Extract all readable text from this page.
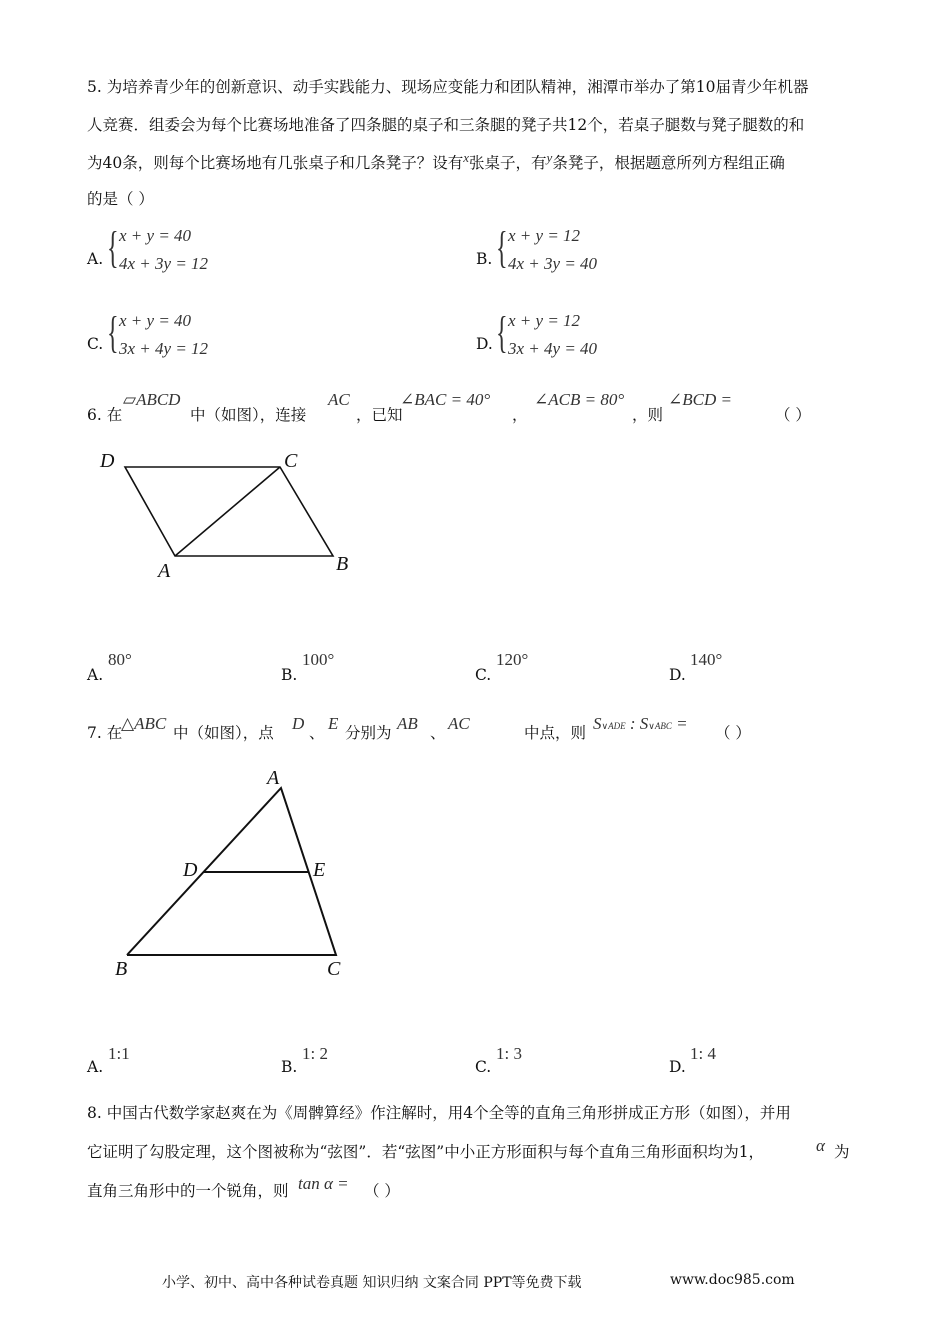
5. 为培养青少年的创新意识、动手实践能力、现场应变能力和团队精神，湘潭市举办了第10届青少年机器
人竞赛．组委会为每个比赛场地准备了四条腿的桌子和三条腿的凳子共12个，若桌子腿数与凳子腿数的和
为40条，则每个比赛场地有几张桌子和几条凳子？设有$^x$张桌子，有$^y$条凳子，根据题意所列方程组正确
的是（ ）
A. { x + y = 40
4x + 3y = 12	B. { x + y = 12
4x + 3y = 40
C. { x + y = 40
3x + 4y = 12	D. { x + y = 12
3x + 4y = 40
6. 在
▱ABCD
中（如图），连接
AC
，已知
∠BAC = 40°
，
∠ACB = 80°
，则
∠BCD =
（ ）
D	C
A	B
A.
80°
B.
100°
C.
120°
D.
140°
7. 在
△ABC 中（如图），点 D 、 E 分别为 AB 、 AC	中点，则 S∨ADE : S∨ABC = （ ）
A
D	E
B	C
A.
1:1
B.
1: 2
C.
1: 3
D.
1: 4
8. 中国古代数学家赵爽在为《周髀算经》作注解时，用4个全等的直角三角形拼成正方形（如图），并用
它证明了勾股定理，这个图被称为“弦图”．若“弦图”中小正方形面积与每个直角三角形面积均为1，	α 为
直角三角形中的一个锐角，则 tan α = （ ）
小学、初中、高中各种试卷真题 知识归纳 文案合同 PPT等免费下载	www.doc985.com
